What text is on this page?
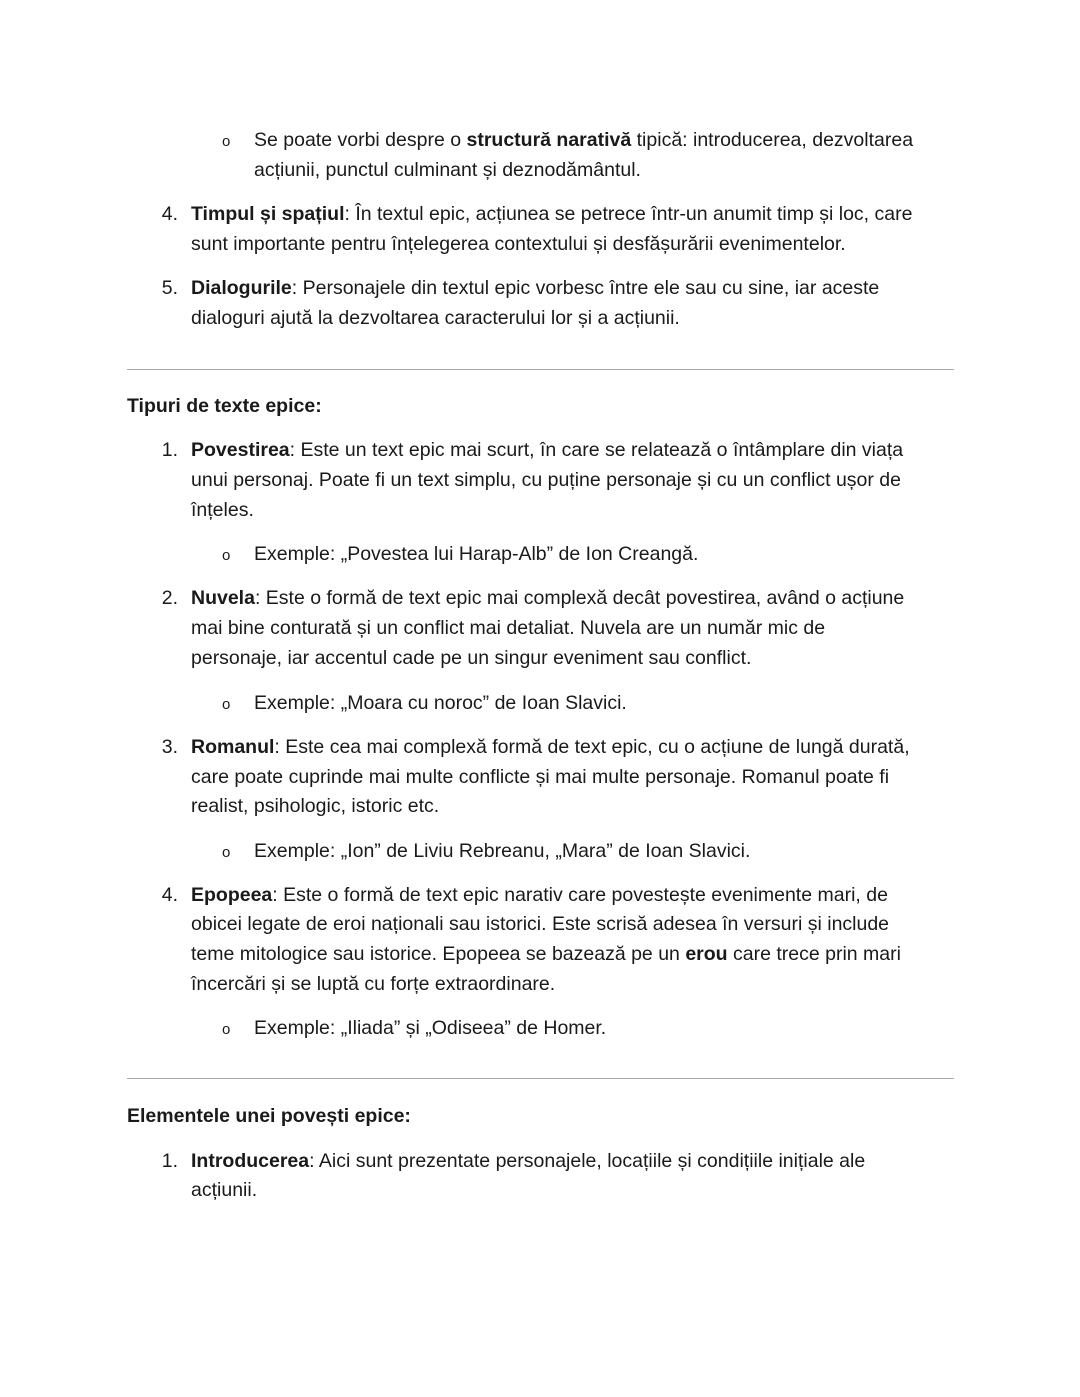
o Se poate vorbi despre o structură narativă tipică: introducerea, dezvoltarea
acțiunii, punctul culminant și deznodământul.
4. Timpul și spațiul: În textul epic, acțiunea se petrece într-un anumit timp și loc, care
sunt importante pentru înțelegerea contextului și desfășurării evenimentelor.
5. Dialogurile: Personajele din textul epic vorbesc între ele sau cu sine, iar aceste
dialoguri ajută la dezvoltarea caracterului lor și a acțiunii.
Tipuri de texte epice:
1. Povestirea: Este un text epic mai scurt, în care se relatează o întâmplare din viața
unui personaj. Poate fi un text simplu, cu puține personaje și cu un conflict ușor de
înțeles.
o Exemple: „Povestea lui Harap-Alb” de Ion Creangă.
2. Nuvela: Este o formă de text epic mai complexă decât povestirea, având o acțiune
mai bine conturată și un conflict mai detaliat. Nuvela are un număr mic de
personaje, iar accentul cade pe un singur eveniment sau conflict.
o Exemple: „Moara cu noroc” de Ioan Slavici.
3. Romanul: Este cea mai complexă formă de text epic, cu o acțiune de lungă durată,
care poate cuprinde mai multe conflicte și mai multe personaje. Romanul poate fi
realist, psihologic, istoric etc.
o Exemple: „Ion” de Liviu Rebreanu, „Mara” de Ioan Slavici.
4. Epopeea: Este o formă de text epic narativ care povestește evenimente mari, de
obicei legate de eroi naționali sau istorici. Este scrisă adesea în versuri și include
teme mitologice sau istorice. Epopeea se bazează pe un erou care trece prin mari
încercări și se luptă cu forțe extraordinare.
o Exemple: „Iliada” și „Odiseea” de Homer.
Elementele unei povești epice:
1. Introducerea: Aici sunt prezentate personajele, locațiile și condițiile inițiale ale
acțiunii.
